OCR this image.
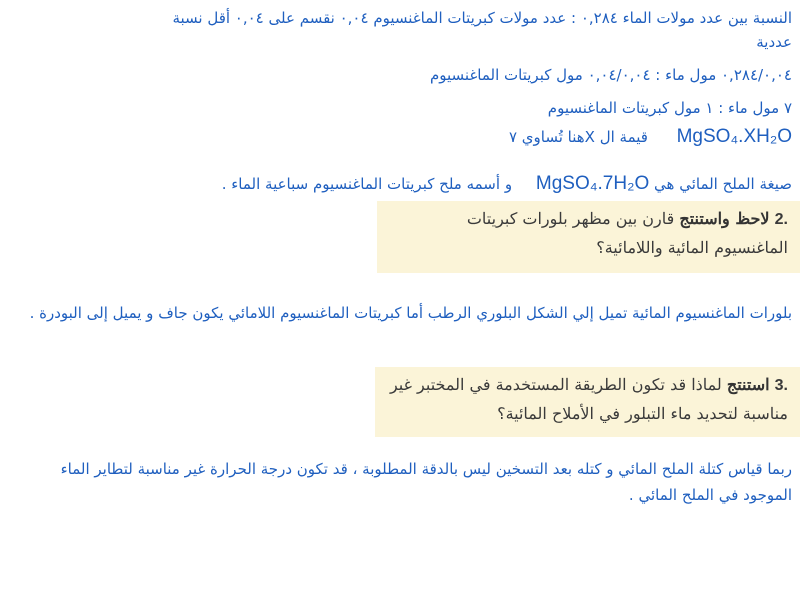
النسبة بين عدد مولات الماء ٠,٢٨٤ : عدد مولات كبريتات الماغنسيوم ٠,٠٤ نقسم على ٠,٠٤ أقل نسبة
عددية
٠,٢٨٤/٠,٠٤ مول ماء : ٠,٠٤/٠,٠٤ مول كبريتات الماغنسيوم
٧ مول ماء : ١ مول كبريتات الماغنسيوم
MgSO₄.XH₂O      قيمة ال Xهنا تُساوي ٧
صيغة الملح المائي هي MgSO₄.7H₂O     و أسمه ملح كبريتات الماغنسيوم سباعية الماء .
2. لاحظ واستنتج قارن بين مظهر بلورات كبريتات
الماغنسيوم المائية واللامائية؟
بلورات الماغنسيوم المائية تميل إلي الشكل البلوري الرطب أما كبريتات الماغنسيوم اللامائي يكون جاف و يميل إلى البودرة .
3. استنتج لماذا قد تكون الطريقة المستخدمة في المختبر غير
مناسبة لتحديد ماء التبلور في الأملاح المائية؟
ربما قياس كتلة الملح المائي و كتله بعد التسخين ليس بالدقة المطلوبة ، قد تكون درجة الحرارة غير مناسبة لتطاير الماء الموجود في الملح المائي .
